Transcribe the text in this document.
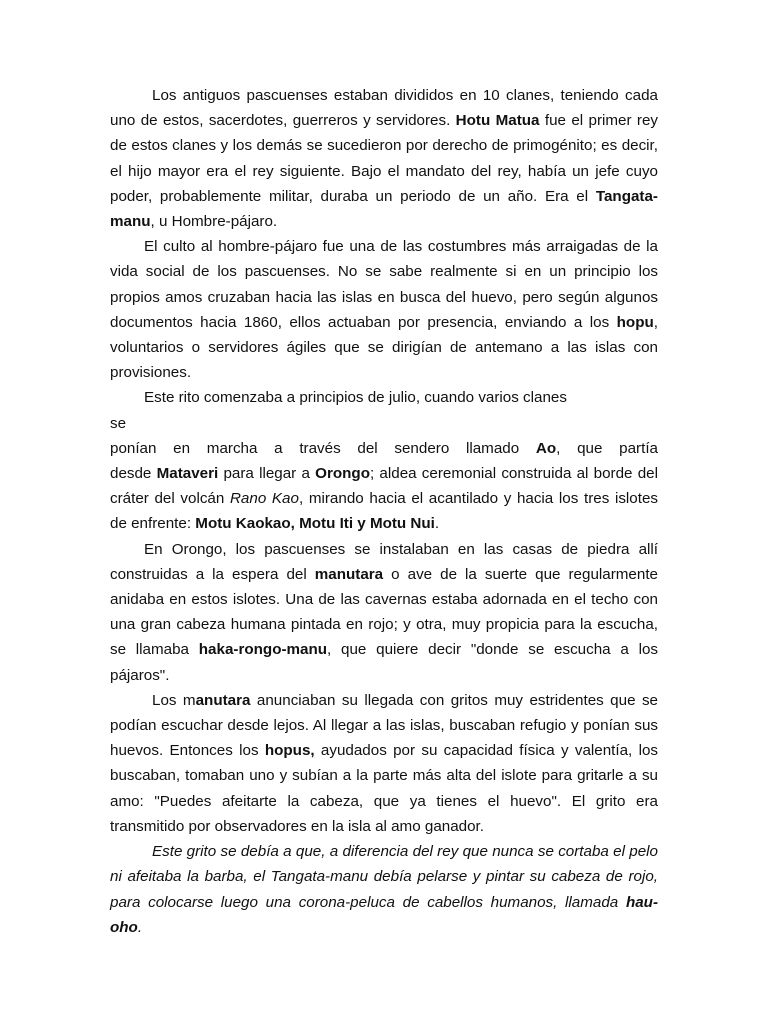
Los antiguos pascuenses estaban divididos en 10 clanes, teniendo cada uno de estos, sacerdotes, guerreros y servidores. Hotu Matua fue el primer rey de estos clanes y los demás se sucedieron por derecho de primogénito; es decir, el hijo mayor era el rey siguiente. Bajo el mandato del rey, había un jefe cuyo poder, probablemente militar, duraba un periodo de un año. Era el Tangata-manu, u Hombre-pájaro.

El culto al hombre-pájaro fue una de las costumbres más arraigadas de la vida social de los pascuenses. No se sabe realmente si en un principio los propios amos cruzaban hacia las islas en busca del huevo, pero según algunos documentos hacia 1860, ellos actuaban por presencia, enviando a los hopu, voluntarios o servidores ágiles que se dirigían de antemano a las islas con provisiones.

Este rito comenzaba a principios de julio, cuando varios clanes

se

ponían en marcha a través del sendero llamado Ao, que partía

desde Mataveri para llegar a Orongo; aldea ceremonial construida al borde del cráter del volcán Rano Kao, mirando hacia el acantilado y hacia los tres islotes de enfrente: Motu Kaokao, Motu Iti y Motu Nui.

En Orongo, los pascuenses se instalaban en las casas de piedra allí construidas a la espera del manutara o ave de la suerte que regularmente anidaba en estos islotes. Una de las cavernas estaba adornada en el techo con una gran cabeza humana pintada en rojo; y otra, muy propicia para la escucha, se llamaba haka-rongo-manu, que quiere decir "donde se escucha a los pájaros".

Los manutara anunciaban su llegada con gritos muy estridentes que se podían escuchar desde lejos. Al llegar a las islas, buscaban refugio y ponían sus huevos. Entonces los hopus, ayudados por su capacidad física y valentía, los buscaban, tomaban uno y subían a la parte más alta del islote para gritarle a su amo: "Puedes afeitarte la cabeza, que ya tienes el huevo". El grito era transmitido por observadores en la isla al amo ganador.

Este grito se debía a que, a diferencia del rey que nunca se cortaba el pelo ni afeitaba la barba, el Tangata-manu debía pelarse y pintar su cabeza de rojo, para colocarse luego una corona-peluca de cabellos humanos, llamada hau-oho.
